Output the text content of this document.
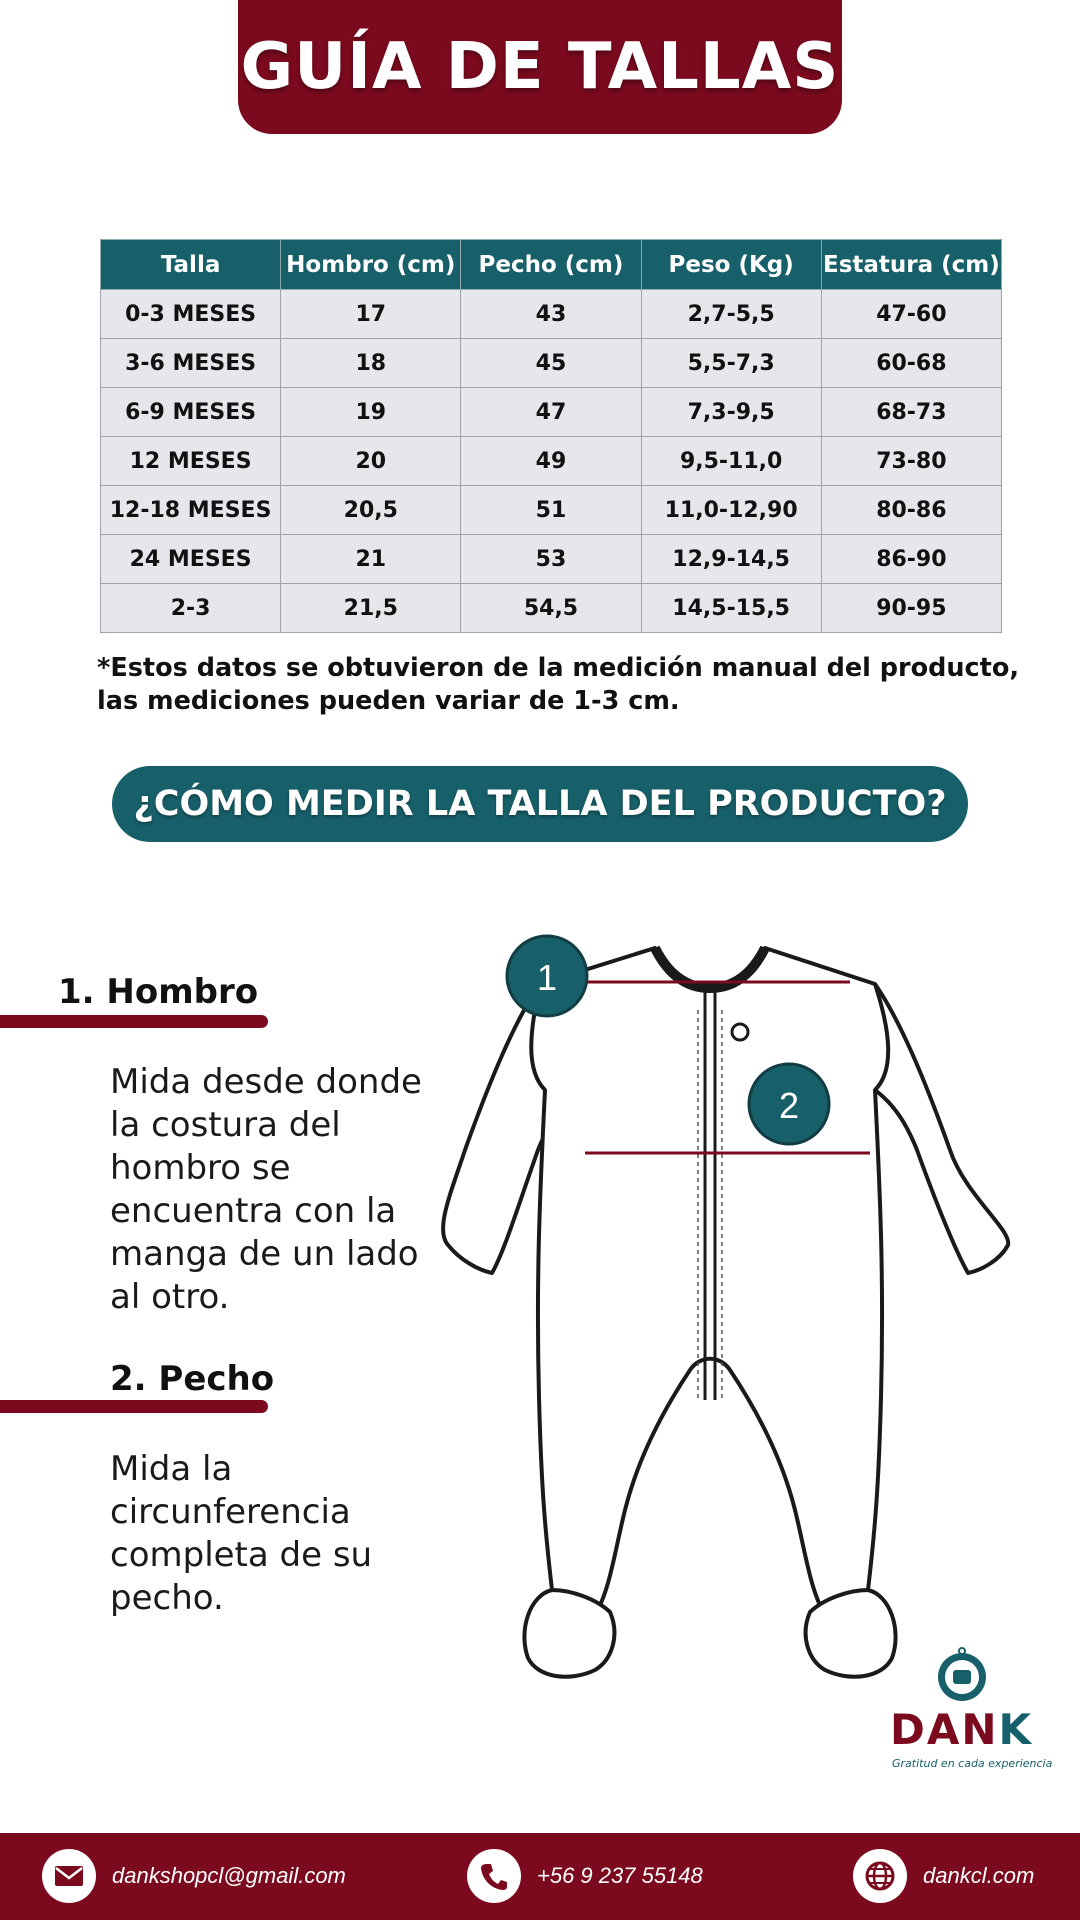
GUÍA DE TALLAS
Talla	Hombro (cm)	Pecho (cm)	Peso (Kg)	Estatura (cm)
0-3 MESES	17	43	2,7-5,5	47-60
3-6 MESES	18	45	5,5-7,3	60-68
6-9 MESES	19	47	7,3-9,5	68-73
12 MESES	20	49	9,5-11,0	73-80
12-18 MESES	20,5	51	11,0-12,90	80-86
24 MESES	21	53	12,9-14,5	86-90
2-3	21,5	54,5	14,5-15,5	90-95
*Estos datos se obtuvieron de la medición manual del producto,
las mediciones pueden variar de 1-3 cm.
¿CÓMO MEDIR LA TALLA DEL PRODUCTO?
1. Hombro
Mida desde donde
la costura del
hombro se
encuentra con la
manga de un lado
al otro.
2. Pecho
Mida la
circunferencia
completa de su
pecho.
1
2
DANK
Gratitud en cada experiencia
dankshopcl@gmail.com	+56 9 237 55148	dankcl.com
